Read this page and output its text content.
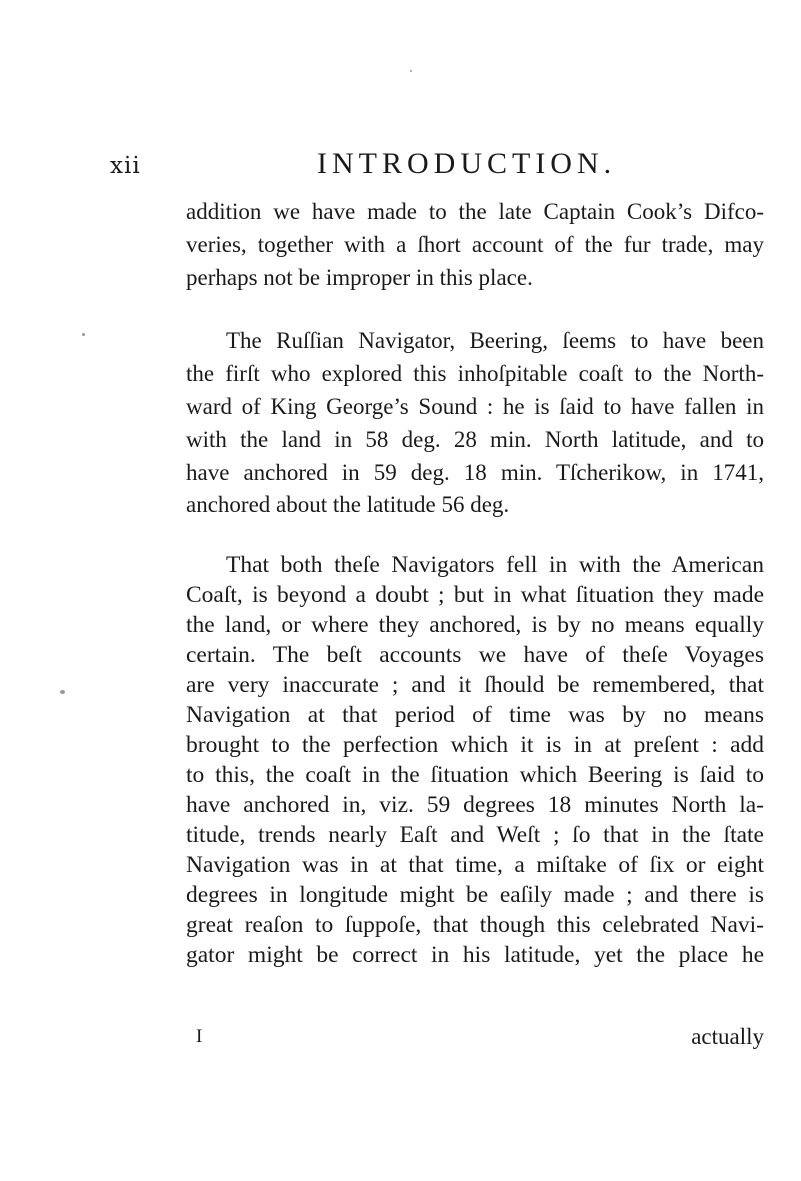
xii	INTRODUCTION.

addition we have made to the late Captain Cook’s Difco-
veries, together with a ſhort account of the fur trade, may
perhaps not be improper in this place.

The Ruſſian Navigator, Beering, ſeems to have been
the firſt who explored this inhoſpitable coaſt to the North-
ward of King George’s Sound : he is ſaid to have fallen in
with the land in 58 deg. 28 min. North latitude, and to
have anchored in 59 deg. 18 min. Tſcherikow, in 1741,
anchored about the latitude 56 deg.

That both theſe Navigators fell in with the American
Coaſt, is beyond a doubt ; but in what ſituation they made
the land, or where they anchored, is by no means equally
certain. The beſt accounts we have of theſe Voyages
are very inaccurate ; and it ſhould be remembered, that
Navigation at that period of time was by no means
brought to the perfection which it is in at preſent : add
to this, the coaſt in the ſituation which Beering is ſaid to
have anchored in, viz. 59 degrees 18 minutes North la-
titude, trends nearly Eaſt and Weſt ; ſo that in the ſtate
Navigation was in at that time, a miſtake of ſix or eight
degrees in longitude might be eaſily made ; and there is
great reaſon to ſuppoſe, that though this celebrated Navi-
gator might be correct in his latitude, yet the place he

I	actually
